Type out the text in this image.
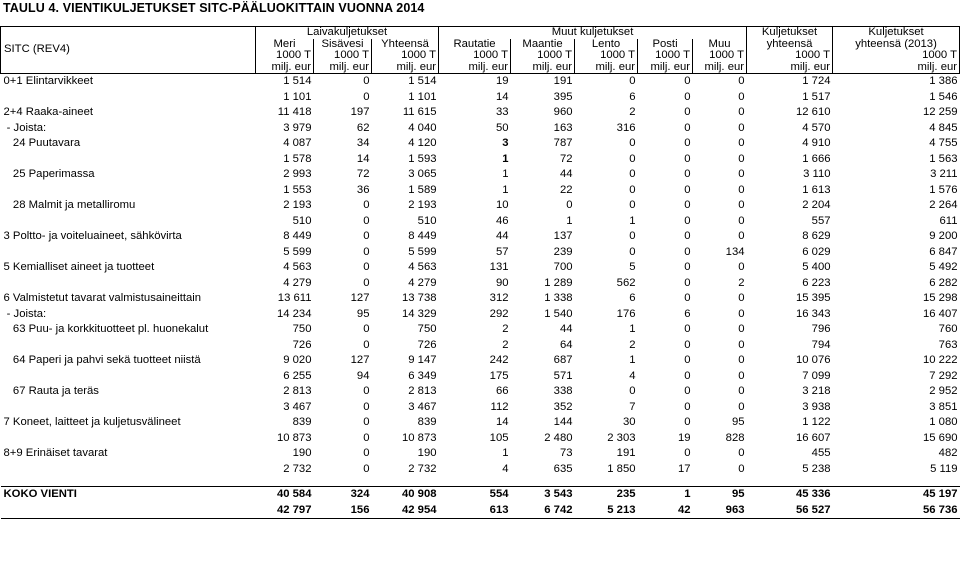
TAULU 4. VIENTIKULJETUKSET SITC-PÄÄLUOKITTAIN VUONNA 2014
SITC (REV4)	Laivakuljetukset			Muut kuljetukset					Kuljetukset	Kuljetukset
	Meri	Sisävesi	Yhteensä	Rautatie	Maantie	Lento	Posti	Muu	yhteensä	yhteensä (2013)
	1000 T	1000 T	1000 T	1000 T	1000 T	1000 T	1000 T	1000 T	1000 T	1000 T
	milj. eur	milj. eur	milj. eur	milj. eur	milj. eur	milj. eur	milj. eur	milj. eur	milj. eur	milj. eur
0+1 Elintarvikkeet	1 514	0	1 514	19	191	0	0	0	1 724	1 386
	1 101	0	1 101	14	395	6	0	0	1 517	1 546
2+4 Raaka-aineet	11 418	197	11 615	33	960	2	0	0	12 610	12 259
- Joista:	3 979	62	4 040	50	163	316	0	0	4 570	4 845
24 Puutavara	4 087	34	4 120	3	787	0	0	0	4 910	4 755
	1 578	14	1 593	1	72	0	0	0	1 666	1 563
25 Paperimassa	2 993	72	3 065	1	44	0	0	0	3 110	3 211
	1 553	36	1 589	1	22	0	0	0	1 613	1 576
28 Malmit ja metalliromu	2 193	0	2 193	10	0	0	0	0	2 204	2 264
	510	0	510	46	1	1	0	0	557	611
3 Poltto- ja voiteluaineet, sähkövirta	8 449	0	8 449	44	137	0	0	0	8 629	9 200
	5 599	0	5 599	57	239	0	0	134	6 029	6 847
5 Kemialliset aineet ja tuotteet	4 563	0	4 563	131	700	5	0	0	5 400	5 492
	4 279	0	4 279	90	1 289	562	0	2	6 223	6 282
6 Valmistetut tavarat valmistusaineittain	13 611	127	13 738	312	1 338	6	0	0	15 395	15 298
- Joista:	14 234	95	14 329	292	1 540	176	6	0	16 343	16 407
63 Puu- ja korkkituotteet pl. huonekalut	750	0	750	2	44	1	0	0	796	760
	726	0	726	2	64	2	0	0	794	763
64 Paperi ja pahvi sekä tuotteet niistä	9 020	127	9 147	242	687	1	0	0	10 076	10 222
	6 255	94	6 349	175	571	4	0	0	7 099	7 292
67 Rauta ja teräs	2 813	0	2 813	66	338	0	0	0	3 218	2 952
	3 467	0	3 467	112	352	7	0	0	3 938	3 851
7 Koneet, laitteet ja kuljetusvälineet	839	0	839	14	144	30	0	95	1 122	1 080
	10 873	0	10 873	105	2 480	2 303	19	828	16 607	15 690
8+9 Erinäiset tavarat	190	0	190	1	73	191	0	0	455	482
	2 732	0	2 732	4	635	1 850	17	0	5 238	5 119

KOKO VIENTI	40 584	324	40 908	554	3 543	235	1	95	45 336	45 197
	42 797	156	42 954	613	6 742	5 213	42	963	56 527	56 736
